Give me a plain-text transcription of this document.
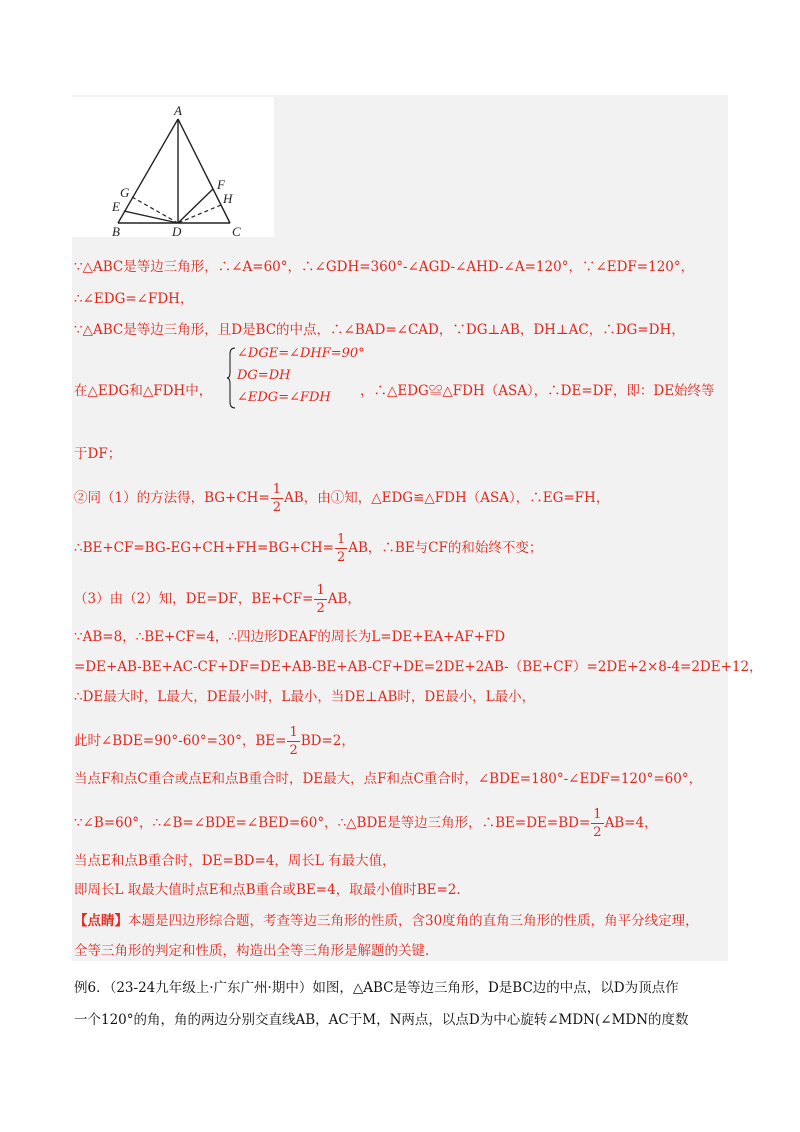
A
B	C
D
E
F
G	H
∵△ABC是等边三角形，∴∠A=60°，∴∠GDH=360°-∠AGD-∠AHD-∠A=120°，∵∠EDF=120°，
∴∠EDG=∠FDH，
∵△ABC是等边三角形，且D是BC的中点，∴∠BAD=∠CAD，∵DG⊥AB，DH⊥AC，∴DG=DH，
在△EDG和△FDH中，
∠DGE=∠DHF=90°
DG=DH
∠EDG=∠FDH ，∴△EDG≌△FDH（ASA），∴DE=DF，即：DE始终等
于DF；
②同（1）的方法得，$BG+CH= \frac{1}{2}$ AB，由①知，△EDG≌△FDH（ASA），∴EG=FH，
∴BE+CF=BG-EG+CH+FH=BG+CH= $\frac{1}{2}$ AB，∴BE与CF的和始终不变；
（3）由（2）知，DE=DF，$BE+CF= \frac{1}{2}$ AB，
∵AB=8，∴BE+CF=4，∴四边形DEAF的周长为L=DE+EA+AF+FD
=DE+AB-BE+AC-CF+DF=DE+AB-BE+AB-CF+DE=2DE+2AB-（BE+CF）=2DE+2×8-4=2DE+12，
∴DE最大时，L最大，DE最小时，L最小，当DE⊥AB时，DE最小，L最小，
此时∠BDE=90°-60°=30°，$BE= \frac{1}{2} BD=2$，
当点F和点C重合或点E和点B重合时，DE最大，点F和点C重合时，∠BDE=180°-∠EDF=120°=60°，
∵∠B=60°，∴∠B=∠BDE=∠BED=60°，∴△BDE是等边三角形，∴BE=DE=BD= $\frac{1}{2} AB=4$，
当点E和点B重合时，DE=BD=4，周长L 有最大值，
即周长L 取最大值时点E和点B重合或BE=4，取最小值时BE=2.
【点睛】本题是四边形综合题，考查等边三角形的性质，含30度角的直角三角形的性质，角平分线定理，
全等三角形的判定和性质，构造出全等三角形是解题的关键.
例6．（23-24九年级上·广东广州·期中）如图，△ABC是等边三角形，D是BC边的中点，以D为顶点作
一个120°的角，角的两边分别交直线AB，AC于M，N两点，以点D为中心旋转∠MDN(∠MDN的度数
